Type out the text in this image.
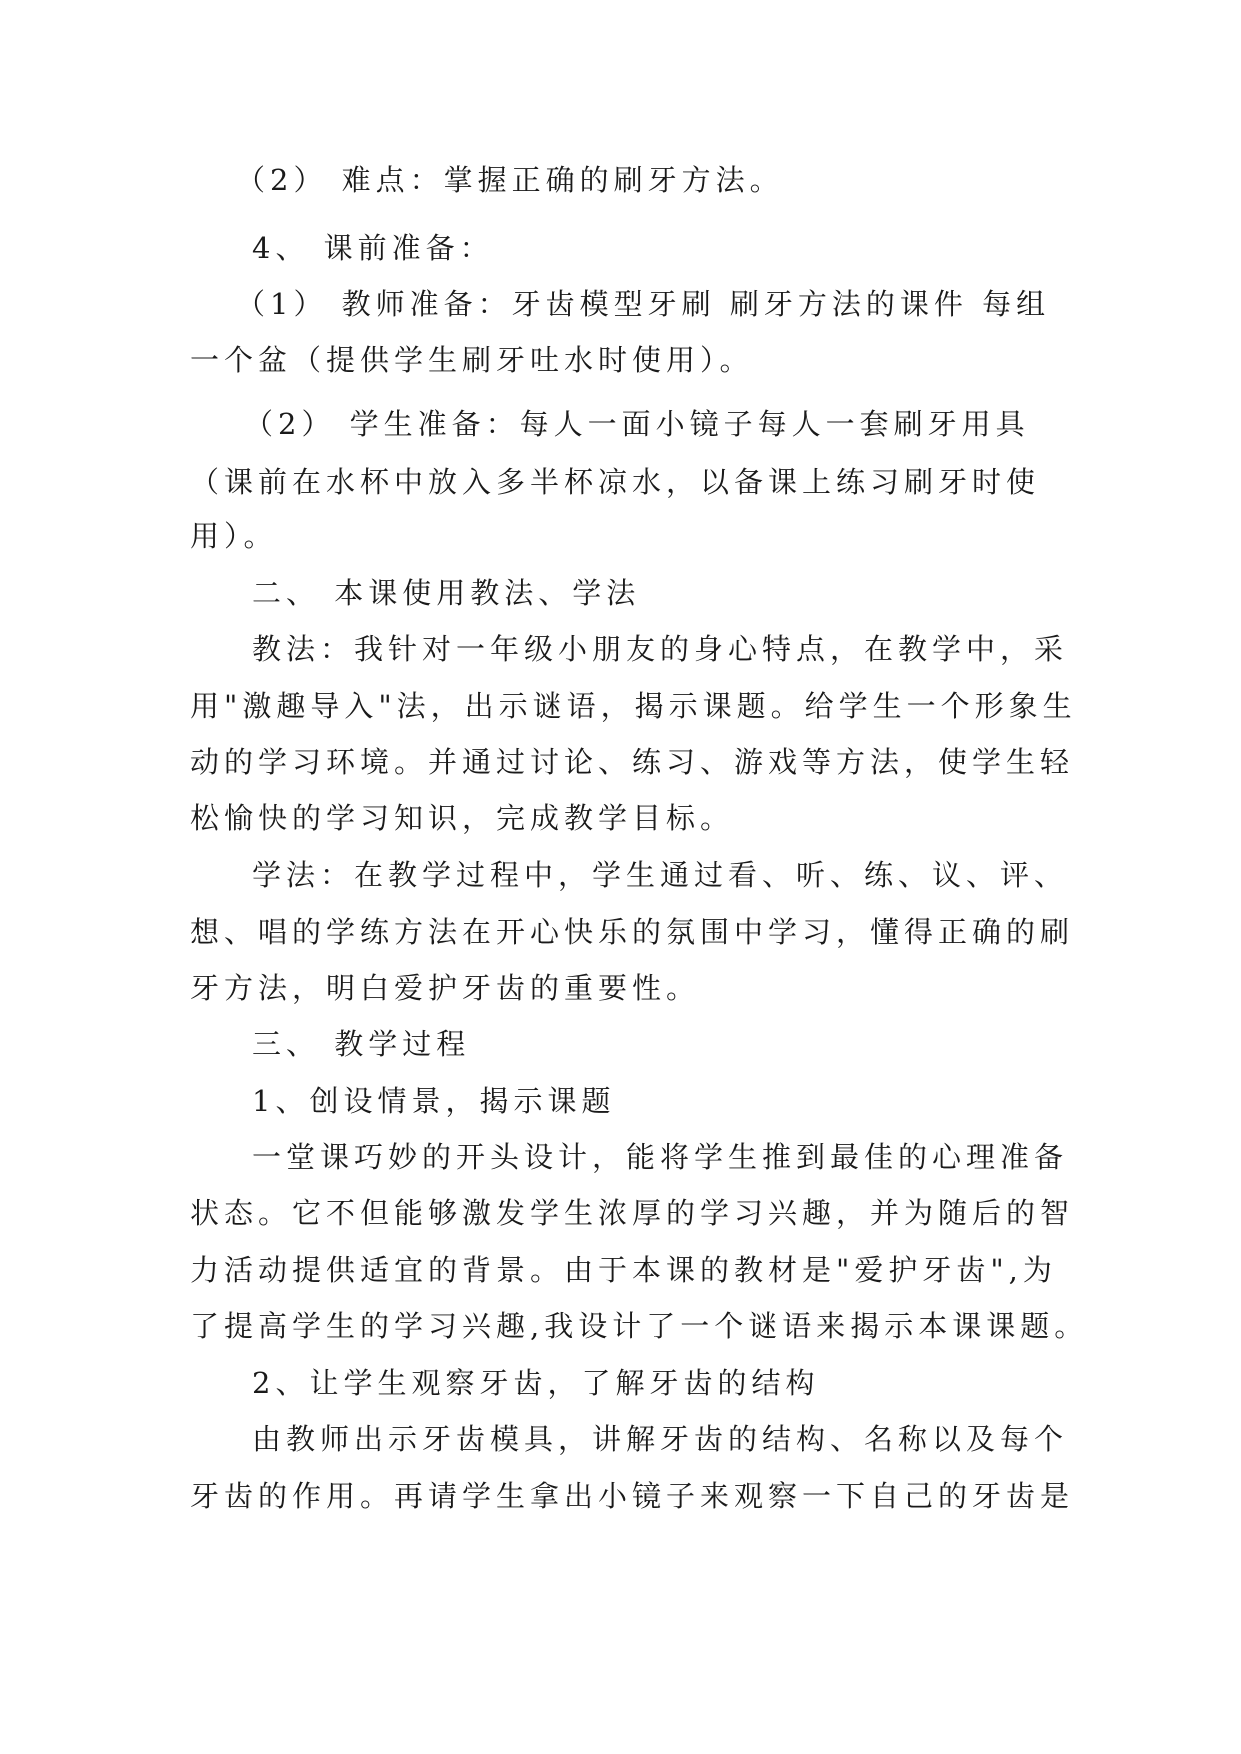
（2） 难点：掌握正确的刷牙方法。
4、 课前准备：
（1） 教师准备：牙齿模型牙刷 刷牙方法的课件 每组
一个盆（提供学生刷牙吐水时使用）。
（2） 学生准备：每人一面小镜子每人一套刷牙用具
（课前在水杯中放入多半杯凉水，以备课上练习刷牙时使
用）。
二、 本课使用教法、学法
教法：我针对一年级小朋友的身心特点，在教学中，采
用"激趣导入"法，出示谜语，揭示课题。给学生一个形象生
动的学习环境。并通过讨论、练习、游戏等方法，使学生轻
松愉快的学习知识，完成教学目标。
学法：在教学过程中，学生通过看、听、练、议、评、
想、唱的学练方法在开心快乐的氛围中学习，懂得正确的刷
牙方法，明白爱护牙齿的重要性。
三、 教学过程
1、创设情景，揭示课题
一堂课巧妙的开头设计，能将学生推到最佳的心理准备
状态。它不但能够激发学生浓厚的学习兴趣，并为随后的智
力活动提供适宜的背景。由于本课的教材是"爱护牙齿",为
了提高学生的学习兴趣,我设计了一个谜语来揭示本课课题。
2、让学生观察牙齿，了解牙齿的结构
由教师出示牙齿模具，讲解牙齿的结构、名称以及每个
牙齿的作用。再请学生拿出小镜子来观察一下自己的牙齿是
